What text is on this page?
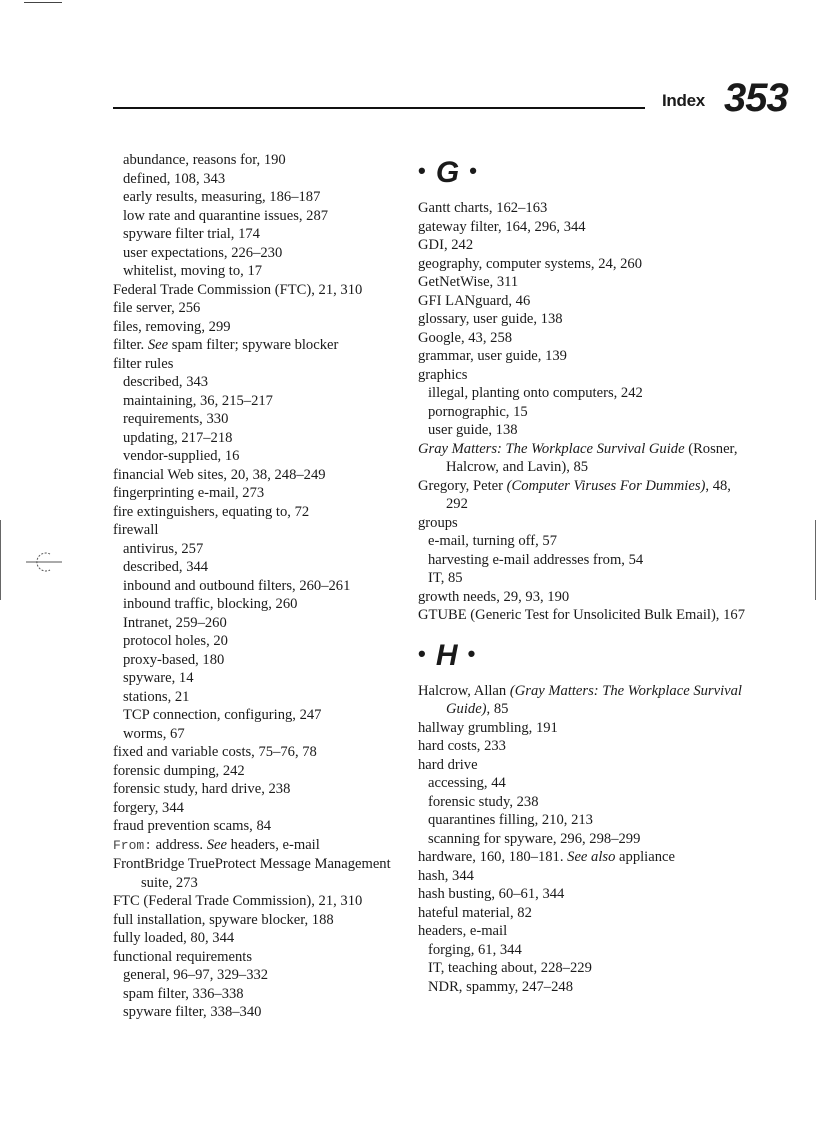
Index 353
abundance, reasons for, 190
defined, 108, 343
early results, measuring, 186–187
low rate and quarantine issues, 287
spyware filter trial, 174
user expectations, 226–230
whitelist, moving to, 17
Federal Trade Commission (FTC), 21, 310
file server, 256
files, removing, 299
filter. See spam filter; spyware blocker
filter rules
described, 343
maintaining, 36, 215–217
requirements, 330
updating, 217–218
vendor-supplied, 16
financial Web sites, 20, 38, 248–249
fingerprinting e-mail, 273
fire extinguishers, equating to, 72
firewall
antivirus, 257
described, 344
inbound and outbound filters, 260–261
inbound traffic, blocking, 260
Intranet, 259–260
protocol holes, 20
proxy-based, 180
spyware, 14
stations, 21
TCP connection, configuring, 247
worms, 67
fixed and variable costs, 75–76, 78
forensic dumping, 242
forensic study, hard drive, 238
forgery, 344
fraud prevention scams, 84
From: address. See headers, e-mail
FrontBridge TrueProtect Message Management suite, 273
FTC (Federal Trade Commission), 21, 310
full installation, spyware blocker, 188
fully loaded, 80, 344
functional requirements
general, 96–97, 329–332
spam filter, 336–338
spyware filter, 338–340
• G •
Gantt charts, 162–163
gateway filter, 164, 296, 344
GDI, 242
geography, computer systems, 24, 260
GetNetWise, 311
GFI LANguard, 46
glossary, user guide, 138
Google, 43, 258
grammar, user guide, 139
graphics
illegal, planting onto computers, 242
pornographic, 15
user guide, 138
Gray Matters: The Workplace Survival Guide (Rosner, Halcrow, and Lavin), 85
Gregory, Peter (Computer Viruses For Dummies), 48, 292
groups
e-mail, turning off, 57
harvesting e-mail addresses from, 54
IT, 85
growth needs, 29, 93, 190
GTUBE (Generic Test for Unsolicited Bulk Email), 167
• H •
Halcrow, Allan (Gray Matters: The Workplace Survival Guide), 85
hallway grumbling, 191
hard costs, 233
hard drive
accessing, 44
forensic study, 238
quarantines filling, 210, 213
scanning for spyware, 296, 298–299
hardware, 160, 180–181. See also appliance
hash, 344
hash busting, 60–61, 344
hateful material, 82
headers, e-mail
forging, 61, 344
IT, teaching about, 228–229
NDR, spammy, 247–248
